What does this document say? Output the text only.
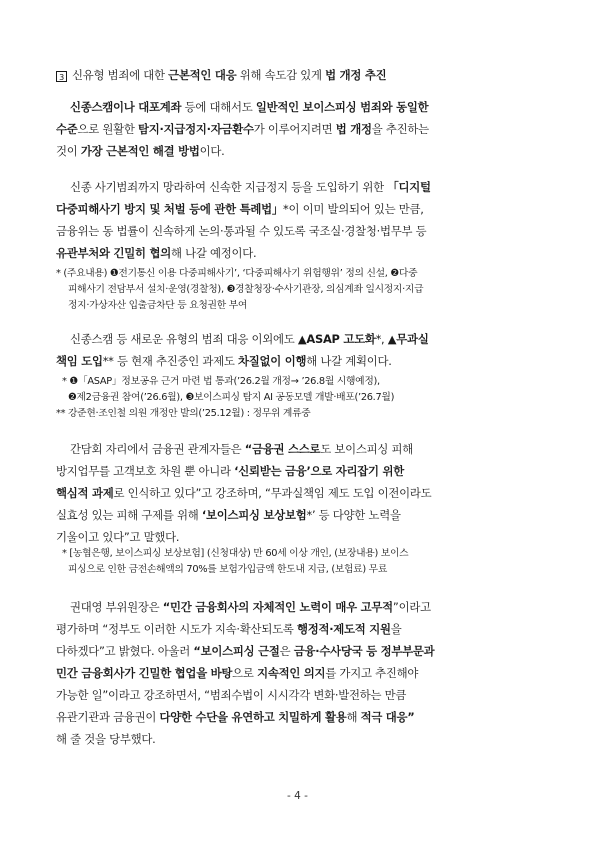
3 신유형 범죄에 대한 근본적인 대응 위해 속도감 있게 법 개정 추진
신종스캠이나 대포계좌 등에 대해서도 일반적인 보이스피싱 범죄와 동일한
수준으로 원활한 탐지·지급정지·자금환수가 이루어지려면 법 개정을 추진하는
것이 가장 근본적인 해결 방법이다.
신종 사기범죄까지 망라하여 신속한 지급정지 등을 도입하기 위한 「디지털
다중피해사기 방지 및 처벌 등에 관한 특례법」*이 이미 발의되어 있는 만큼,
금융위는 동 법률이 신속하게 논의·통과될 수 있도록 국조실·경찰청·법무부 등
유관부처와 긴밀히 협의해 나갈 예정이다.
* (주요내용) ❶전기통신 이용 다중피해사기’, ‘다중피해사기 위험행위’ 정의 신설, ❷다중
피해사기 전담부서 설치·운영(경찰청), ❸경찰청장·수사기관장, 의심계좌 일시정지·지급
정지·가상자산 입출금차단 등 요청권한 부여
신종스캠 등 새로운 유형의 범죄 대응 이외에도 ▲ASAP 고도화*, ▲무과실
책임 도입** 등 현재 추진중인 과제도 차질없이 이행해 나갈 계획이다.
* ❶「ASAP」정보공유 근거 마련 법 통과(’26.2월 개정→ ’26.8월 시행예정),
❷제2금융권 참여(’26.6월), ❸보이스피싱 탐지 AI 공동모델 개발·배포(’26.7월)
** 강준현·조인철 의원 개정안 발의(’25.12월) : 정무위 계류중
간담회 자리에서 금융권 관계자들은 “금융권 스스로도 보이스피싱 피해
방지업무를 고객보호 차원 뿐 아니라 ‘신뢰받는 금융’으로 자리잡기 위한
핵심적 과제로 인식하고 있다”고 강조하며, “무과실책임 제도 도입 이전이라도
실효성 있는 피해 구제를 위해 ‘보이스피싱 보상보험*’ 등 다양한 노력을
기울이고 있다”고 말했다.
* [농협은행, 보이스피싱 보상보험] (신청대상) 만 60세 이상 개인, (보장내용) 보이스
피싱으로 인한 금전손해액의 70%를 보험가입금액 한도내 지급, (보험료) 무료
권대영 부위원장은 “민간 금융회사의 자체적인 노력이 매우 고무적”이라고
평가하며 “정부도 이러한 시도가 지속·확산되도록 행정적·제도적 지원을
다하겠다”고 밝혔다. 아울러 “보이스피싱 근절은 금융·수사당국 등 정부부문과
민간 금융회사가 긴밀한 협업을 바탕으로 지속적인 의지를 가지고 추진해야
가능한 일”이라고 강조하면서, “범죄수법이 시시각각 변화·발전하는 만큼
유관기관과 금융권이 다양한 수단을 유연하고 치밀하게 활용해 적극 대응”
해 줄 것을 당부했다.
- 4 -
